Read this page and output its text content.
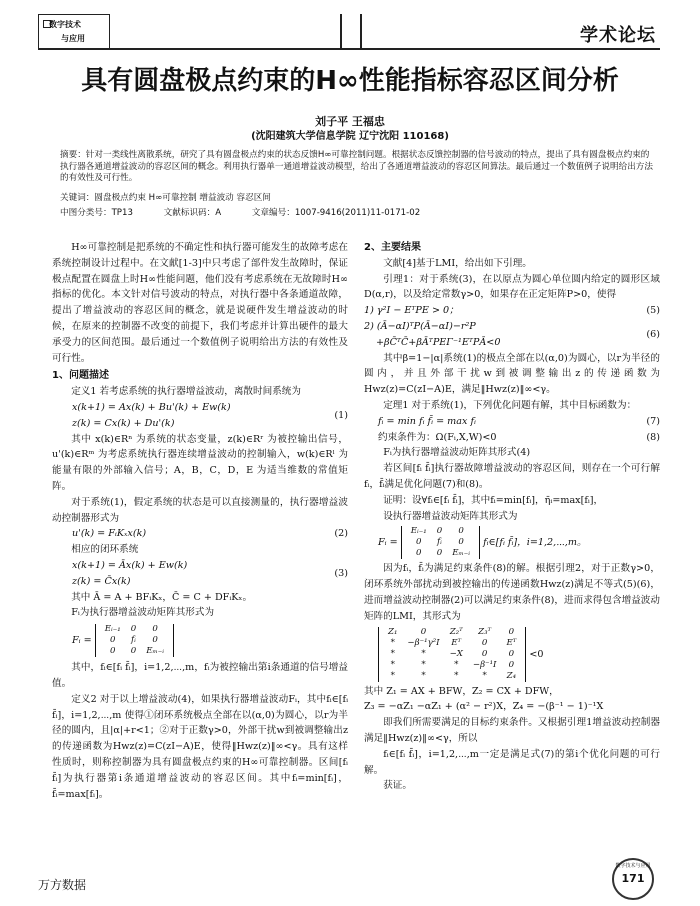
数字技术
与应用	学术论坛
具有圆盘极点约束的H∞性能指标容忍区间分析
刘子平 王福忠
(沈阳建筑大学信息学院 辽宁沈阳 110168)
摘要：针对一类线性离散系统，研究了具有圆盘极点约束的状态反馈H∞可靠控制问题。根据状态反馈控制器的信号波动的特点，提出了具有圆盘极点约束的执行器各通道增益波动的容忍区间的概念。利用执行器单一通道增益波动模型，给出了各通道增益波动的容忍区间算法。最后通过一个数值例子说明给出方法的有效性及可行性。
关键词：圆盘极点约束 H∞可靠控制 增益波动 容忍区间
中图分类号：TP13	文献标识码：A	文章编号：1007-9416(2011)11-0171-02

H∞可靠控制是把系统的不确定性和执行器可能发生的故障考虑在系统控制设计过程中。在文献[1-3]中只考虑了部件发生故障时，保证极点配置在圆盘上时H∞性能问题，他们没有考虑系统在无故障时H∞指标的优化。本文针对信号波动的特点，对执行器中各条通道故障，提出了增益波动的容忍区间的概念，就是说硬件发生增益波动的时候，在原来的控制器不改变的前提下，我们考虑并计算出硬件的最大承受力的区间范围。最后通过一个数值例子说明给出方法的有效性及可行性。

1、问题描述

定义1 若考虑系统的执行器增益波动，离散时间系统为

x(k+1) = Ax(k) + Bu'(k) + Ew(k)
z(k) = Cx(k) + Du'(k)
(1)

其中 x(k)∈Rⁿ 为系统的状态变量，z(k)∈Rʳ 为被控输出信号，u'(k)∈Rᵐ 为考虑系统执行器连续增益波动的控制输入，w(k)∈Rˡ 为能量有限的外部输入信号；A，B，C，D，E 为适当维数的常值矩阵。

对于系统(1)，假定系统的状态是可以直接测量的，执行器增益波动控制器形式为

u'(k) = FᵢKₓx(k)	(2)

相应的闭环系统

x(k+1) = Āx(k) + Ew(k)
z(k) = C̄x(k)
(3)

其中 Ā = A + BFᵢKₓ，C̄ = C + DFᵢKₓ。

Fᵢ为执行器增益波动矩阵其形式为

Fᵢ =
Eᵢ₋₁	0	0
0	fᵢ	0
0	0	Eₘ₋ᵢ

其中，fᵢ∈[fᵢ f̄ᵢ]，i=1,2,⋯,m，fᵢ为被控输出第i条通道的信号增益值。

定义2 对于以上增益波动(4)，如果执行器增益波动Fᵢ，其中fᵢ∈[fᵢ f̄ᵢ]，i=1,2,⋯,m 使得①闭环系统极点全部在以(α,0)为圆心，以r为半径的圆内，且|α|+r<1；②对于正数γ>0，外部干扰w到被调整输出z的传递函数为Hwz(z)=C(zI−A)E，使得‖Hwz(z)‖∞<γ。具有这样性质时，则称控制器为具有圆盘极点约束的H∞可靠控制器。区间[fᵢ f̄ᵢ]为执行器第i条通道增益波动的容忍区间。其中fᵢ=min[fᵢ]，f̄ᵢ=max[fᵢ]。

2、主要结果

文献[4]基于LMI，给出如下引理。

引理1：对于系统(3)，在以原点为圆心单位圆内给定的圆形区域D(α,r)，以及给定常数γ>0，如果存在正定矩阵P>0，使得

1) γ²I − EᵀPE > 0；	(5)
2) (Ā−αI)ᵀP(Ā−αI)−r²P
+βC̄ᵀC̄+βĀᵀPEΓ⁻¹EᵀPĀ<0
(6)

其中β=1−|α|系统(1)的极点全部在以(α,0)为圆心，以r为半径的圆内，并且外部干扰w到被调整输出z的传递函数为Hwz(z)=C(zI−A)E，满足‖Hwz(z)‖∞<γ。

定理1 对于系统(1)，下列优化问题有解，其中目标函数为：

fᵢ = min fᵢ f̄ᵢ = max fᵢ	(7)
约束条件为：Ω(Fᵢ,X,W)<0	(8)

Fᵢ为执行器增益波动矩阵其形式(4)

若区间[fᵢ f̄ᵢ]执行器故障增益波动的容忍区间，则存在一个可行解fᵢ，f̄ᵢ满足优化问题(7)和(8)。

证明：设∀fᵢ∈[fᵢ f̄ᵢ]，其中fᵢ=min[fᵢ]，η̄ᵢ=max[fᵢ]，

设执行器增益波动矩阵其形式为

Fᵢ =
Eᵢ₋₁	0	0
0	fᵢ	0
0	0	Eₘ₋ᵢ
fᵢ∈[fᵢ f̄ᵢ]，i=1,2,⋯,m。

因为fᵢ，f̄ᵢ为满足约束条件(8)的解。根据引理2，对于正数γ>0，闭环系统外部扰动到被控输出的传递函数Hwz(z)满足不等式(5)(6)，进而增益波动控制器(2)可以满足约束条件(8)，进而求得包含增益波动矩阵的LMI，其形式为

Z₁	0	Z₂ᵀ	Z₃ᵀ	0
*	−β⁻¹γ²I	Eᵀ	0	Eᵀ
*	*	−X	0	0
*	*	*	−β⁻¹I	0
*	*	*	*	Z₄
<0

其中 Z₁ = AX + BFW，Z₂ = CX + DFW，

Z₃ = −αZ₁ −αZ₁ + (α² − r²)X，Z₄ = −(β⁻¹ − 1)⁻¹X

即我们所需要满足的目标约束条件。又根据引理1增益波动控制器满足‖Hwz(z)‖∞<γ，所以

fᵢ∈[fᵢ f̄ᵢ]，i=1,2,⋯,m一定是满足式(7)的第i个优化问题的可行解。

获证。

万方数据
数字技术与应用
171
